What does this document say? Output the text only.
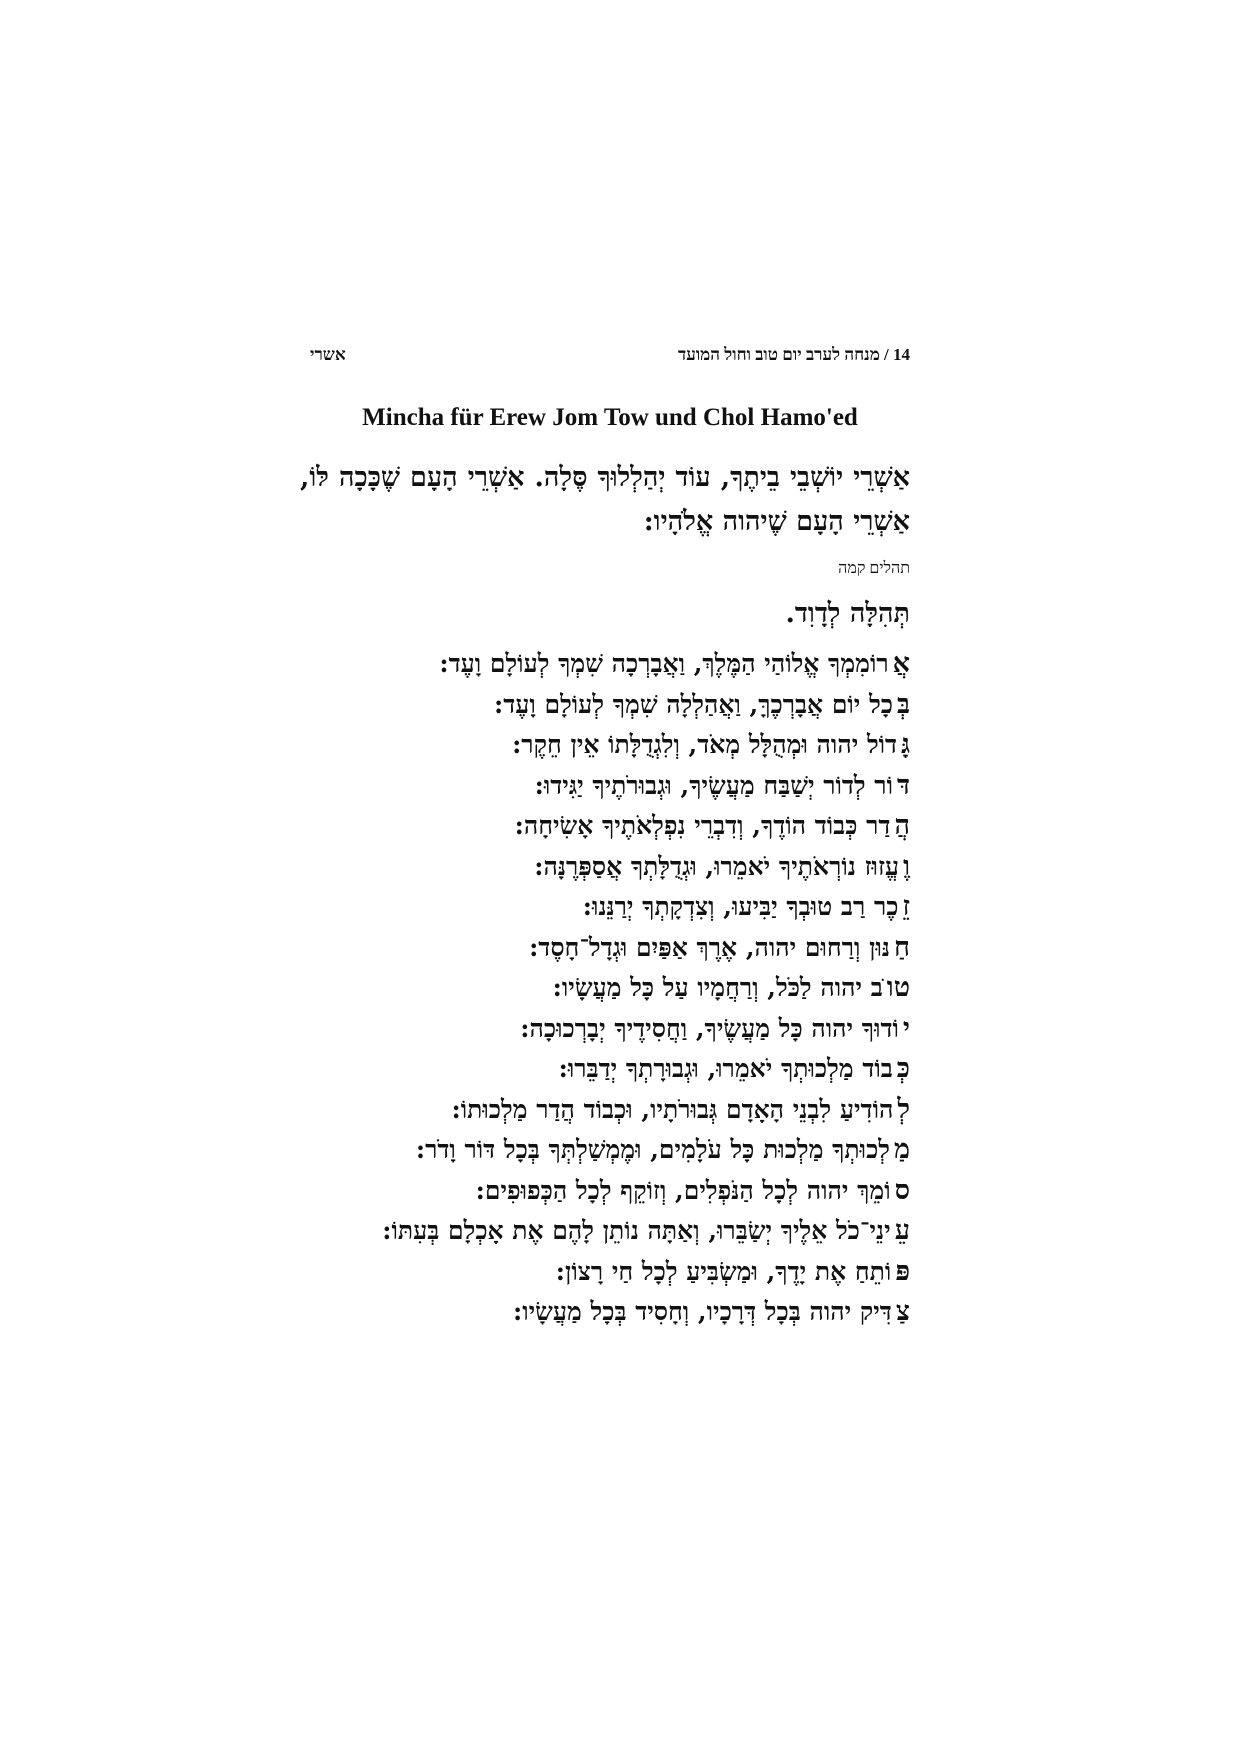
14 / מנחה לערב יום טוב וחול המועד
אשרי
Mincha für Erew Jom Tow und Chol Hamo'ed
אַשְׁרֵי יוֹשְׁבֵי בֵיתֶךָ, עוֹד יְהַלְלוּךָ סֶּלָה. אַשְׁרֵי הָעָם שֶׁכָּכָה לּוֹ, אַשְׁרֵי הָעָם שֶׁיהוה אֱלֹהָיו:
תהלים קמה
תְּהִלָּה לְדָוִד.
אֲ
רוֹמִמְךָ אֱלוֹהַי הַמֶּלֶךְ, וַאֲבָרְכָה שִׁמְךָ לְעוֹלָם וָעֶד:
בְּ
כָל יוֹם אֲבָרְכֶךָּ, וַאֲהַלְלָה שִׁמְךָ לְעוֹלָם וָעֶד:
גָּ
דוֹל יהוה וּמְהֻלָּל מְאֹד, וְלִגְדֻלָּתוֹ אֵין חֵקֶר:
דּ
וֹר לְדוֹר יְשַׁבַּח מַעֲשֶׂיךָ, וּגְבוּרֹתֶיךָ יַגִּידוּ:
הֲ
דַר כְּבוֹד הוֹדֶךָ, וְדִבְרֵי נִפְלְאֹתֶיךָ אָשִׂיחָה:
וֶ
עֱזוּז נוֹרְאֹתֶיךָ יֹאמֵרוּ, וּגְדֻלָּתְךָ אֲסַפְּרֶנָּה:
זֵ
כֶר רַב טוּבְךָ יַבִּיעוּ, וְצִדְקָתְךָ יְרַנֵּנוּ:
חַ
נּוּן וְרַחוּם יהוה, אֶרֶךְ אַפַּיִם וּגְדָל־חָסֶד:
טו
ֹב יהוה לַכֹּל, וְרַחֲמָיו עַל כָּל מַעֲשָׂיו:
י
וֹדוּךָ יהוה כָּל מַעֲשֶׂיךָ, וַחֲסִידֶיךָ יְבָרְכוּכָה:
כְּ
בוֹד מַלְכוּתְךָ יֹאמֵרוּ, וּגְבוּרָתְךָ יְדַבֵּרוּ:
לְ
הוֹדִיעַ לִבְנֵי הָאָדָם גְּבוּרֹתָיו, וּכְבוֹד הֲדַר מַלְכוּתוֹ:
מַ
לְכוּתְךָ מַלְכוּת כָּל עֹלָמִים, וּמֶמְשַׁלְתְּךָ בְּכָל דּוֹר וָדֹר:
ס
וֹמֵךְ יהוה לְכָל הַנֹּפְלִים, וְזוֹקֵף לְכָל הַכְּפוּפִים:
עֵ
ינֵי־כֹל אֵלֶיךָ יְשַׂבֵּרוּ, וְאַתָּה נוֹתֵן לָהֶם אֶת אָכְלָם בְּעִתּוֹ:
פּ
וֹתֵחַ אֶת יָדֶךָ, וּמַשְׂבִּיעַ לְכָל חַי רָצוֹן:
צַ
דִּיק יהוה בְּכָל דְּרָכָיו, וְחָסִיד בְּכָל מַעֲשָׂיו:
